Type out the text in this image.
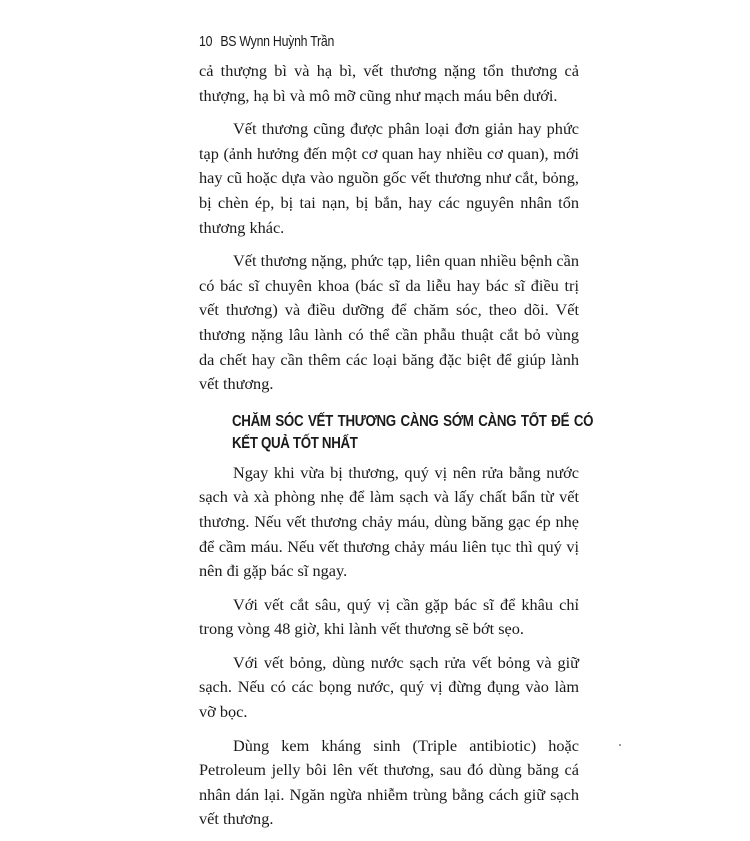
10 BS Wynn Huỳnh Trần

cả thượng bì và hạ bì, vết thương nặng tổn thương cả thượng, hạ bì và mô mỡ cũng như mạch máu bên dưới.

Vết thương cũng được phân loại đơn giản hay phức tạp (ảnh hưởng đến một cơ quan hay nhiều cơ quan), mới hay cũ hoặc dựa vào nguồn gốc vết thương như cắt, bỏng, bị chèn ép, bị tai nạn, bị bắn, hay các nguyên nhân tổn thương khác.

Vết thương nặng, phức tạp, liên quan nhiều bệnh cần có bác sĩ chuyên khoa (bác sĩ da liễu hay bác sĩ điều trị vết thương) và điều dưỡng để chăm sóc, theo dõi. Vết thương nặng lâu lành có thể cần phẫu thuật cắt bỏ vùng da chết hay cần thêm các loại băng đặc biệt để giúp lành vết thương.

CHĂM SÓC VẾT THƯƠNG CÀNG SỚM CÀNG TỐT ĐỂ CÓ KẾT QUẢ TỐT NHẤT

Ngay khi vừa bị thương, quý vị nên rửa bằng nước sạch và xà phòng nhẹ để làm sạch và lấy chất bẩn từ vết thương. Nếu vết thương chảy máu, dùng băng gạc ép nhẹ để cầm máu. Nếu vết thương chảy máu liên tục thì quý vị nên đi gặp bác sĩ ngay.

Với vết cắt sâu, quý vị cần gặp bác sĩ để khâu chỉ trong vòng 48 giờ, khi lành vết thương sẽ bớt sẹo.

Với vết bỏng, dùng nước sạch rửa vết bỏng và giữ sạch. Nếu có các bọng nước, quý vị đừng đụng vào làm vỡ bọc.

Dùng kem kháng sinh (Triple antibiotic) hoặc Petroleum jelly bôi lên vết thương, sau đó dùng băng cá nhân dán lại. Ngăn ngừa nhiễm trùng bằng cách giữ sạch vết thương.
